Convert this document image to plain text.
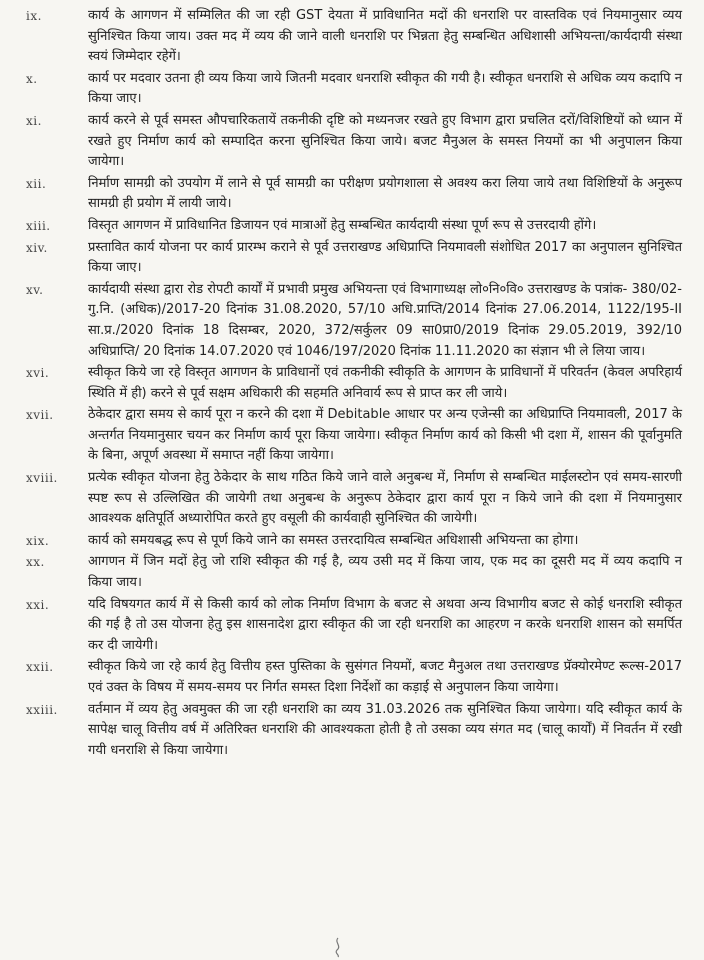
ix.	कार्य के आगणन में सम्मिलित की जा रही GST देयता में प्राविधानित मदों की धनराशि पर वास्तविक एवं नियमानुसार व्यय सुनिश्चित किया जाय। उक्त मद में व्यय की जाने वाली धनराशि पर भिन्नता हेतु सम्बन्धित अधिशासी अभियन्ता/कार्यदायी संस्था स्वयं जिम्मेदार रहेगें।
x.	कार्य पर मदवार उतना ही व्यय किया जाये जितनी मदवार धनराशि स्वीकृत की गयी है। स्वीकृत धनराशि से अधिक व्यय कदापि न किया जाए।
xi.	कार्य करने से पूर्व समस्त औपचारिकतायें तकनीकी दृष्टि को मध्यनजर रखते हुए विभाग द्वारा प्रचलित दरों/विशिष्टियों को ध्यान में रखते हुए निर्माण कार्य को सम्पादित करना सुनिश्चित किया जाये। बजट मैनुअल के समस्त नियमों का भी अनुपालन किया जायेगा।
xii.	निर्माण सामग्री को उपयोग में लाने से पूर्व सामग्री का परीक्षण प्रयोगशाला से अवश्य करा लिया जाये तथा विशिष्टियों के अनुरूप सामग्री ही प्रयोग में लायी जाये।
xiii.	विस्तृत आगणन में प्राविधानित डिजायन एवं मात्राओं हेतु सम्बन्धित कार्यदायी संस्था पूर्ण रूप से उत्तरदायी होंगे।
xiv.	प्रस्तावित कार्य योजना पर कार्य प्रारम्भ कराने से पूर्व उत्तराखण्ड अधिप्राप्ति नियमावली संशोधित 2017 का अनुपालन सुनिश्चित किया जाए।
xv.	कार्यदायी संस्था द्वारा रोड रोपटी कार्यों में प्रभावी प्रमुख अभियन्ता एवं विभागाध्यक्ष लो०नि०वि० उत्तराखण्ड के पत्रांक- 380/02-गु.नि. (अधिक)/2017-20 दिनांक 31.08.2020, 57/10 अधि.प्राप्ति/2014 दिनांक 27.06.2014, 1122/195-II सा.प्र./2020 दिनांक 18 दिसम्बर, 2020, 372/सर्कुलर 09 सा0प्रा0/2019 दिनांक 29.05.2019, 392/10 अधिप्राप्ति/ 20 दिनांक 14.07.2020 एवं 1046/197/2020 दिनांक 11.11.2020 का संज्ञान भी ले लिया जाय।
xvi.	स्वीकृत किये जा रहे विस्तृत आगणन के प्राविधानों एवं तकनीकी स्वीकृति के आगणन के प्राविधानों में परिवर्तन (केवल अपरिहार्य स्थिति में ही) करने से पूर्व सक्षम अधिकारी की सहमति अनिवार्य रूप से प्राप्त कर ली जाये।
xvii.	ठेकेदार द्वारा समय से कार्य पूरा न करने की दशा में Debitable आधार पर अन्य एजेन्सी का अधिप्राप्ति नियमावली, 2017 के अन्तर्गत नियमानुसार चयन कर निर्माण कार्य पूरा किया जायेगा। स्वीकृत निर्माण कार्य को किसी भी दशा में, शासन की पूर्वानुमति के बिना, अपूर्ण अवस्था में समाप्त नहीं किया जायेगा।
xviii.	प्रत्येक स्वीकृत योजना हेतु ठेकेदार के साथ गठित किये जाने वाले अनुबन्ध में, निर्माण से सम्बन्धित माईलस्टोन एवं समय-सारणी स्पष्ट रूप से उल्लिखित की जायेगी तथा अनुबन्ध के अनुरूप ठेकेदार द्वारा कार्य पूरा न किये जाने की दशा में नियमानुसार आवश्यक क्षतिपूर्ति अध्यारोपित करते हुए वसूली की कार्यवाही सुनिश्चित की जायेगी।
xix.	कार्य को समयबद्ध रूप से पूर्ण किये जाने का समस्त उत्तरदायित्व सम्बन्धित अधिशासी अभियन्ता का होगा।
xx.	आगणन में जिन मदों हेतु जो राशि स्वीकृत की गई है, व्यय उसी मद में किया जाय, एक मद का दूसरी मद में व्यय कदापि न किया जाय।
xxi.	यदि विषयगत कार्य में से किसी कार्य को लोक निर्माण विभाग के बजट से अथवा अन्य विभागीय बजट से कोई धनराशि स्वीकृत की गई है तो उस योजना हेतु इस शासनादेश द्वारा स्वीकृत की जा रही धनराशि का आहरण न करके धनराशि शासन को समर्पित कर दी जायेगी।
xxii.	स्वीकृत किये जा रहे कार्य हेतु वित्तीय हस्त पुस्तिका के सुसंगत नियमों, बजट मैनुअल तथा उत्तराखण्ड प्रॅक्योरमेण्ट रूल्स-2017 एवं उक्त के विषय में समय-समय पर निर्गत समस्त दिशा निर्देशों का कड़ाई से अनुपालन किया जायेगा।
xxiii.	वर्तमान में व्यय हेतु अवमुक्त की जा रही धनराशि का व्यय 31.03.2026 तक सुनिश्चित किया जायेगा। यदि स्वीकृत कार्य के सापेक्ष चालू वित्तीय वर्ष में अतिरिक्त धनराशि की आवश्यकता होती है तो उसका व्यय संगत मद (चालू कार्यों) में निवर्तन में रखी गयी धनराशि से किया जायेगा।
